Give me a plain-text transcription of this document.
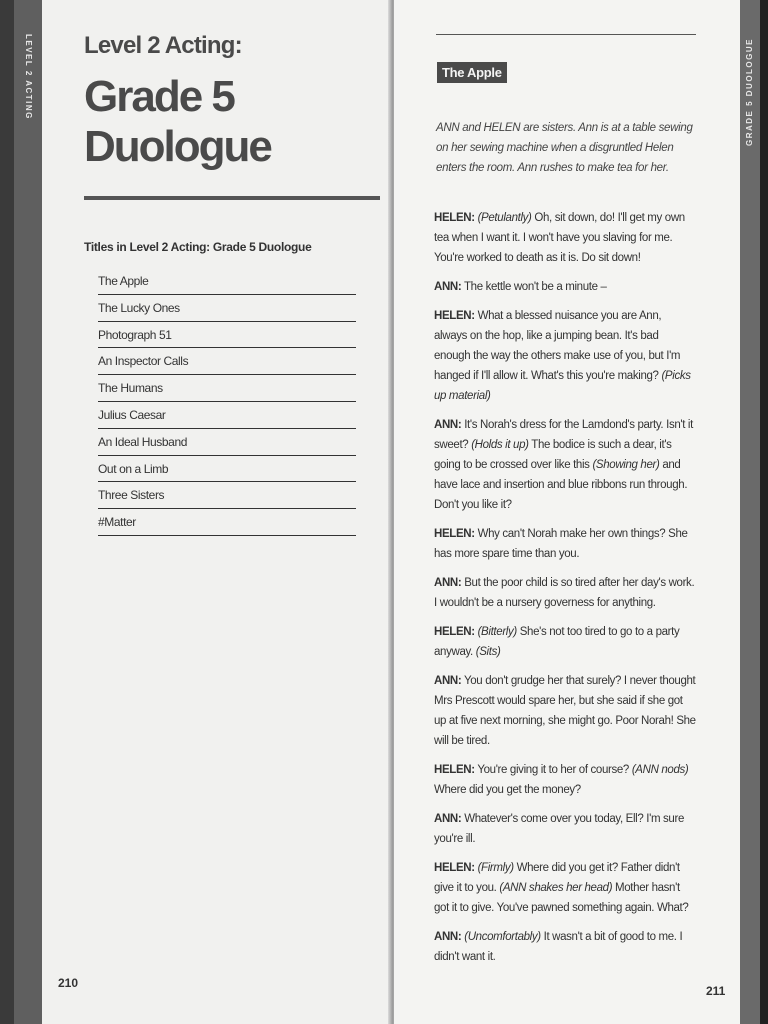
LEVEL 2 ACTING	GRADE 5 DUOLOGUE
Level 2 Acting:
Grade 5
Duologue
Titles in Level 2 Acting: Grade 5 Duologue
The Apple
The Lucky Ones
Photograph 51
An Inspector Calls
The Humans
Julius Caesar
An Ideal Husband
Out on a Limb
Three Sisters
#Matter
210
The Apple

ANN and HELEN are sisters. Ann is at a table sewing on her sewing machine when a disgruntled Helen enters the room. Ann rushes to make tea for her.

HELEN: (Petulantly) Oh, sit down, do! I'll get my own tea when I want it. I won't have you slaving for me. You're worked to death as it is. Do sit down!

ANN: The kettle won't be a minute –

HELEN: What a blessed nuisance you are Ann, always on the hop, like a jumping bean. It's bad enough the way the others make use of you, but I'm hanged if I'll allow it. What's this you're making? (Picks up material)

ANN: It's Norah's dress for the Lamdond's party. Isn't it sweet? (Holds it up) The bodice is such a dear, it's going to be crossed over like this (Showing her) and have lace and insertion and blue ribbons run through. Don't you like it?

HELEN: Why can't Norah make her own things? She has more spare time than you.

ANN: But the poor child is so tired after her day's work. I wouldn't be a nursery governess for anything.

HELEN: (Bitterly) She's not too tired to go to a party anyway. (Sits)

ANN: You don't grudge her that surely? I never thought Mrs Prescott would spare her, but she said if she got up at five next morning, she might go. Poor Norah! She will be tired.

HELEN: You're giving it to her of course? (ANN nods) Where did you get the money?

ANN: Whatever's come over you today, Ell? I'm sure you're ill.

HELEN: (Firmly) Where did you get it? Father didn't give it to you. (ANN shakes her head) Mother hasn't got it to give. You've pawned something again. What?

ANN: (Uncomfortably) It wasn't a bit of good to me. I didn't want it.

211
